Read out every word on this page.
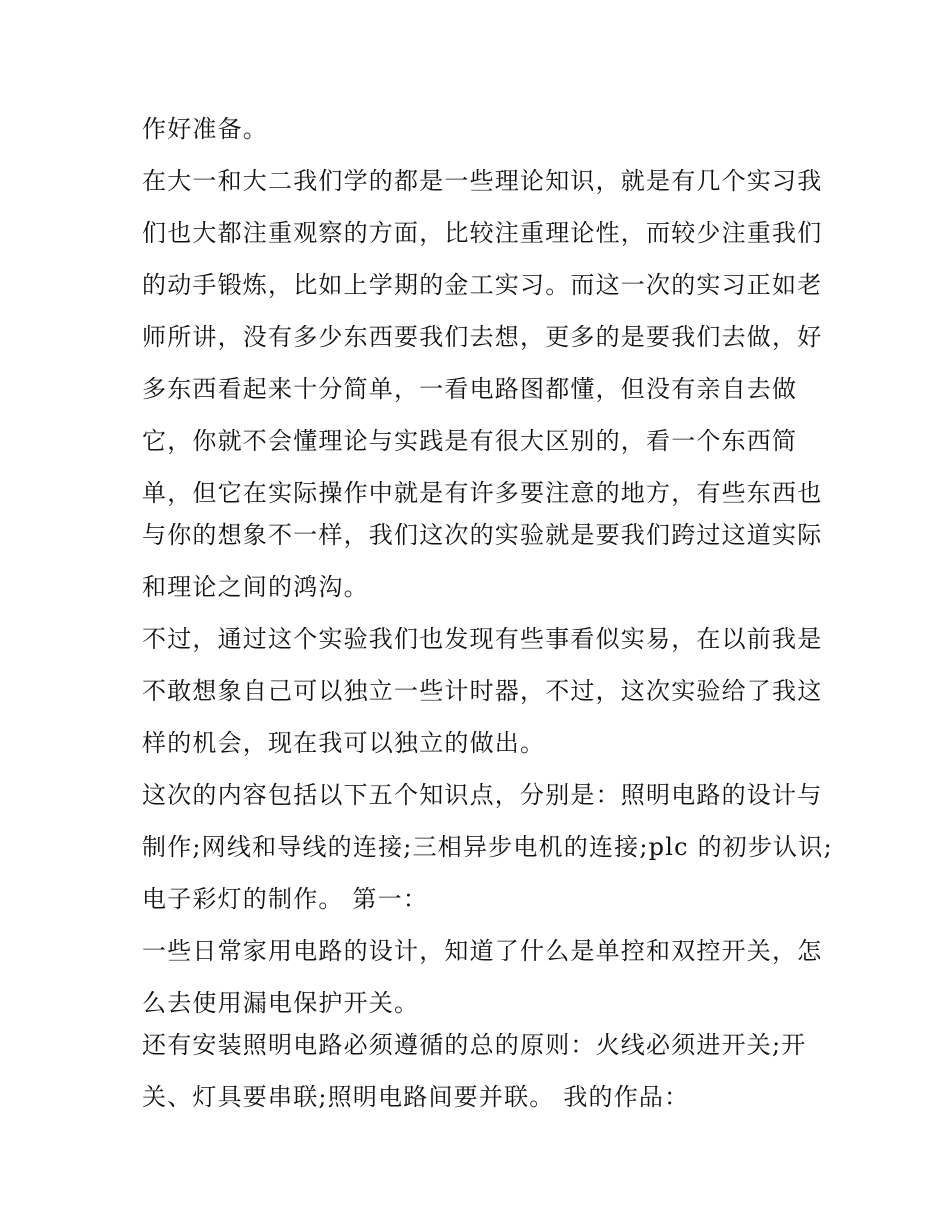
作好准备。
在大一和大二我们学的都是一些理论知识，就是有几个实习我
们也大都注重观察的方面，比较注重理论性，而较少注重我们
的动手锻炼，比如上学期的金工实习。而这一次的实习正如老
师所讲，没有多少东西要我们去想，更多的是要我们去做，好
多东西看起来十分简单，一看电路图都懂，但没有亲自去做
它，你就不会懂理论与实践是有很大区别的，看一个东西简
单，但它在实际操作中就是有许多要注意的地方，有些东西也
与你的想象不一样，我们这次的实验就是要我们跨过这道实际
和理论之间的鸿沟。
不过，通过这个实验我们也发现有些事看似实易，在以前我是
不敢想象自己可以独立一些计时器，不过，这次实验给了我这
样的机会，现在我可以独立的做出。
这次的内容包括以下五个知识点，分别是：照明电路的设计与
制作;网线和导线的连接;三相异步电机的连接;plc 的初步认识;
电子彩灯的制作。 第一：
一些日常家用电路的设计，知道了什么是单控和双控开关，怎
么去使用漏电保护开关。
还有安装照明电路必须遵循的总的原则：火线必须进开关;开
关、灯具要串联;照明电路间要并联。 我的作品：
